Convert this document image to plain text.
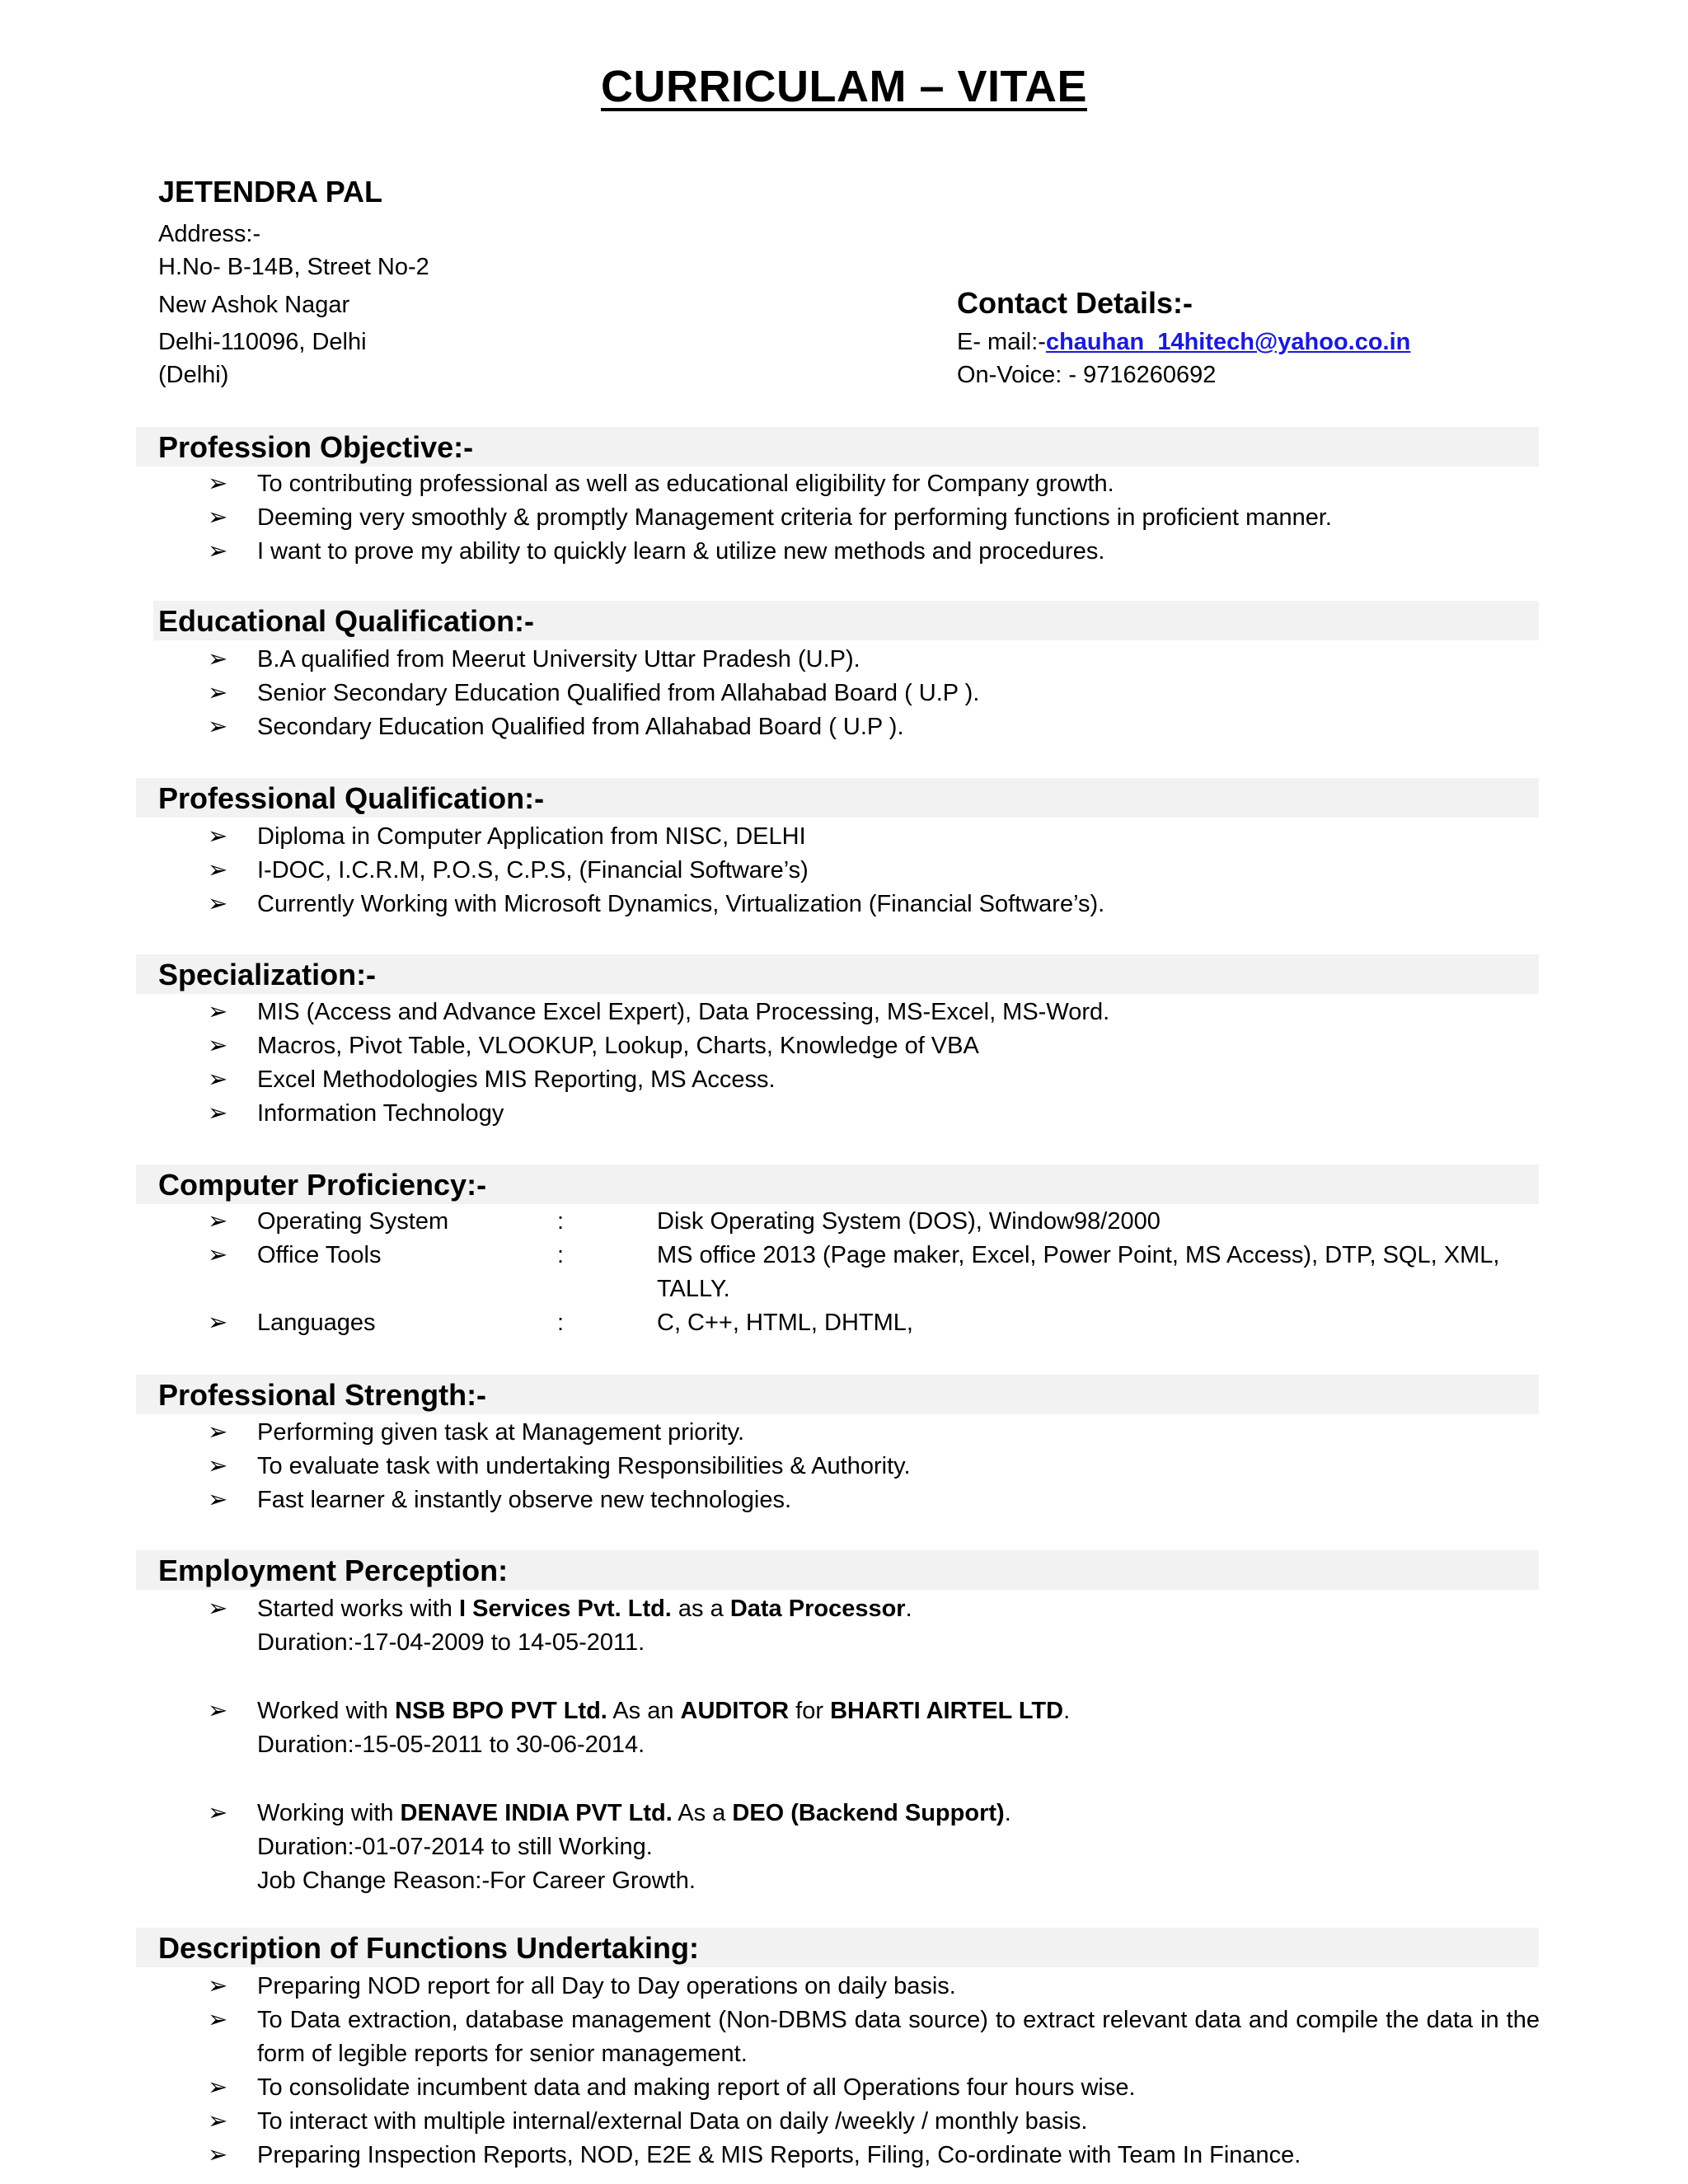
CURRICULAM – VITAE
JETENDRA PAL
Address:-
H.No- B-14B, Street No-2
New Ashok Nagar
Delhi-110096, Delhi
(Delhi)
Contact Details:-
E- mail:-chauhan_14hitech@yahoo.co.in
On-Voice: - 9716260692
Profession Objective:-
➢ To contributing professional as well as educational eligibility for Company growth.
➢ Deeming very smoothly & promptly Management criteria for performing functions in proficient manner.
➢ I want to prove my ability to quickly learn & utilize new methods and procedures.
Educational Qualification:-
➢ B.A qualified from Meerut University Uttar Pradesh (U.P).
➢ Senior Secondary Education Qualified from Allahabad Board ( U.P ).
➢ Secondary Education Qualified from Allahabad Board ( U.P ).
Professional Qualification:-
➢ Diploma in Computer Application from NISC, DELHI
➢ I-DOC, I.C.R.M, P.O.S, C.P.S, (Financial Software’s)
➢ Currently Working with Microsoft Dynamics, Virtualization (Financial Software’s).
Specialization:-
➢ MIS (Access and Advance Excel Expert), Data Processing, MS-Excel, MS-Word.
➢ Macros, Pivot Table, VLOOKUP, Lookup, Charts, Knowledge of VBA
➢ Excel Methodologies MIS Reporting, MS Access.
➢ Information Technology
Computer Proficiency:-
➢ Operating System	:	Disk Operating System (DOS), Window98/2000
➢ Office Tools	:	MS office 2013 (Page maker, Excel, Power Point, MS Access), DTP, SQL, XML, TALLY.
➢ Languages	:	C, C++, HTML, DHTML,
Professional Strength:-
➢ Performing given task at Management priority.
➢ To evaluate task with undertaking Responsibilities & Authority.
➢ Fast learner & instantly observe new technologies.
Employment Perception:
➢ Started works with I Services Pvt. Ltd. as a Data Processor.
Duration:-17-04-2009 to 14-05-2011.
➢ Worked with NSB BPO PVT Ltd. As an AUDITOR for BHARTI AIRTEL LTD.
Duration:-15-05-2011 to 30-06-2014.
➢ Working with DENAVE INDIA PVT Ltd. As a DEO (Backend Support).
Duration:-01-07-2014 to still Working.
Job Change Reason:-For Career Growth.
Description of Functions Undertaking:
➢ Preparing NOD report for all Day to Day operations on daily basis.
➢ To Data extraction, database management (Non-DBMS data source) to extract relevant data and compile the data in the form of legible reports for senior management.
➢ To consolidate incumbent data and making report of all Operations four hours wise.
➢ To interact with multiple internal/external Data on daily /weekly / monthly basis.
➢ Preparing Inspection Reports, NOD, E2E & MIS Reports, Filing, Co-ordinate with Team In Finance.
